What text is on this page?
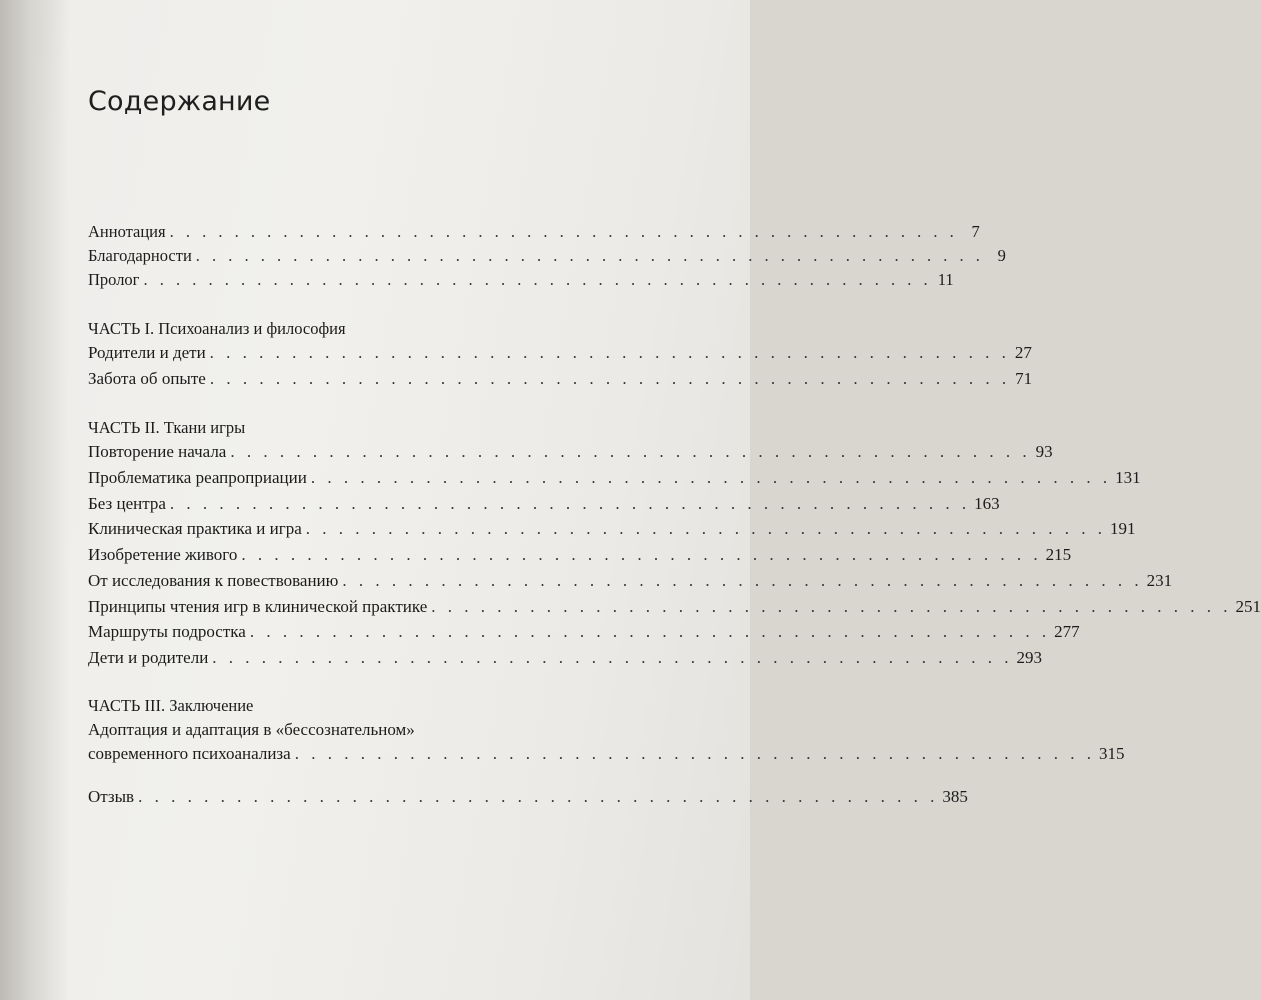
Содержание
Аннотация . . . . . . . . . . . . . . . . . . . . . . . . . . . . . . . . . . . . . . . . . . . . . . . . . 7
Благодарности . . . . . . . . . . . . . . . . . . . . . . . . . . . . . . . . . . . . . . . . . . . . . . . . . 9
Пролог . . . . . . . . . . . . . . . . . . . . . . . . . . . . . . . . . . . . . . . . . . . . . . . . . 11
ЧАСТЬ I. Психоанализ и философия
Родители и дети . . . . . . . . . . . . . . . . . . . . . . . . . . . . . . . . . . . . . . . . . . . . . . . . . 27
Забота об опыте . . . . . . . . . . . . . . . . . . . . . . . . . . . . . . . . . . . . . . . . . . . . . . . . . 71
ЧАСТЬ II. Ткани игры
Повторение начала . . . . . . . . . . . . . . . . . . . . . . . . . . . . . . . . . . . . . . . . . . . . . . . . . 93
Проблематика реапроприации . . . . . . . . . . . . . . . . . . . . . . . . . . . . . . . . . . . . . . . . . . . . . . . . . 131
Без центра . . . . . . . . . . . . . . . . . . . . . . . . . . . . . . . . . . . . . . . . . . . . . . . . . 163
Клиническая практика и игра . . . . . . . . . . . . . . . . . . . . . . . . . . . . . . . . . . . . . . . . . . . . . . . . . 191
Изобретение живого . . . . . . . . . . . . . . . . . . . . . . . . . . . . . . . . . . . . . . . . . . . . . . . . . 215
От исследования к повествованию . . . . . . . . . . . . . . . . . . . . . . . . . . . . . . . . . . . . . . . . . . . . . . . . . 231
Принципы чтения игр в клинической практике . . . . . . . . . . . . . . . . . . . . . . . . . . . . . . . . . . . . . . . . . . . . . . . . . 251
Маршруты подростка . . . . . . . . . . . . . . . . . . . . . . . . . . . . . . . . . . . . . . . . . . . . . . . . . 277
Дети и родители . . . . . . . . . . . . . . . . . . . . . . . . . . . . . . . . . . . . . . . . . . . . . . . . . 293
ЧАСТЬ III. Заключение
Адоптация и адаптация в «бессознательном»
современного психоанализа . . . . . . . . . . . . . . . . . . . . . . . . . . . . . . . . . . . . . . . . . . . . . . . . . 315
Отзыв . . . . . . . . . . . . . . . . . . . . . . . . . . . . . . . . . . . . . . . . . . . . . . . . . 385
